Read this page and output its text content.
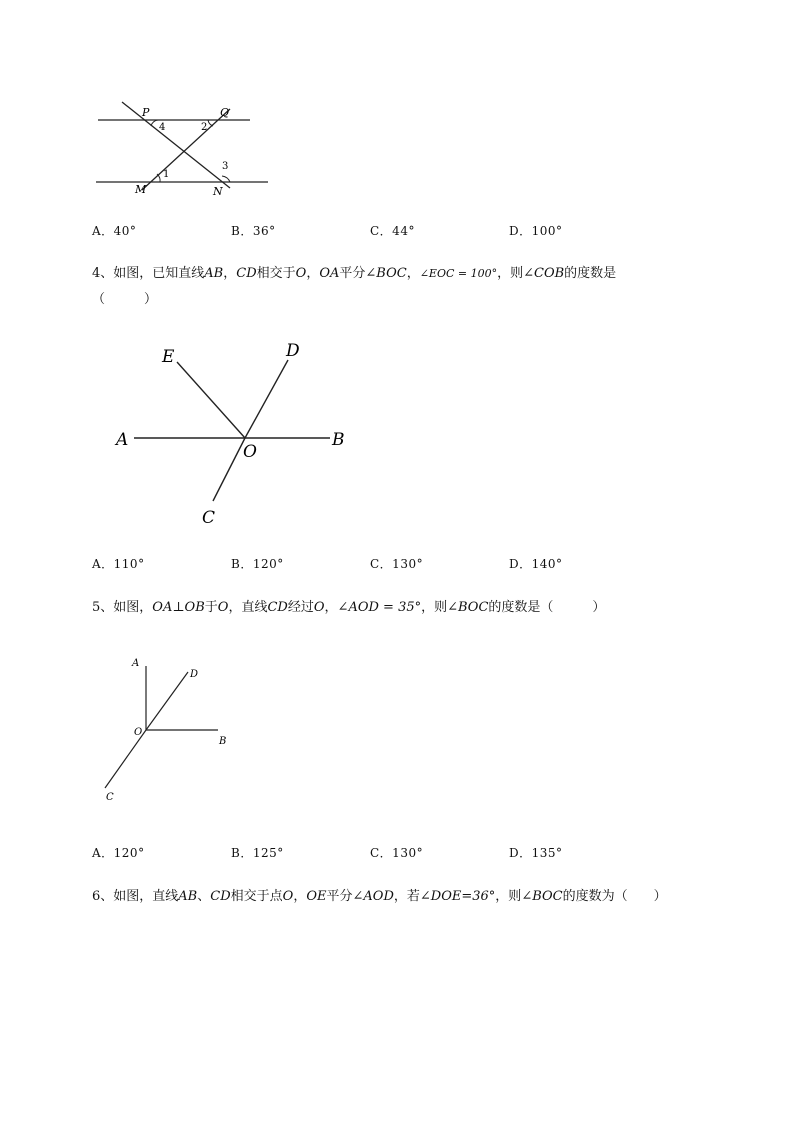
P	Q
4	2
1
3
M	N
A．40°	B．36°	C．44°	D．100°
4、如图，已知直线AB，CD相交于O，OA平分∠BOC，∠EOC = 100°，则∠COB的度数是
（　　　）
E	D
A
O
B
C
A．110°	B．120°	C．130°	D．140°
5、如图，OA⊥OB于O，直线CD经过O，∠AOD = 35°，则∠BOC的度数是（　　　）
A
D
O
B
C
A．120°	B．125°	C．130°	D．135°
6、如图，直线AB、CD相交于点O，OE平分∠AOD，若∠DOE=36°，则∠BOC的度数为（　　）
